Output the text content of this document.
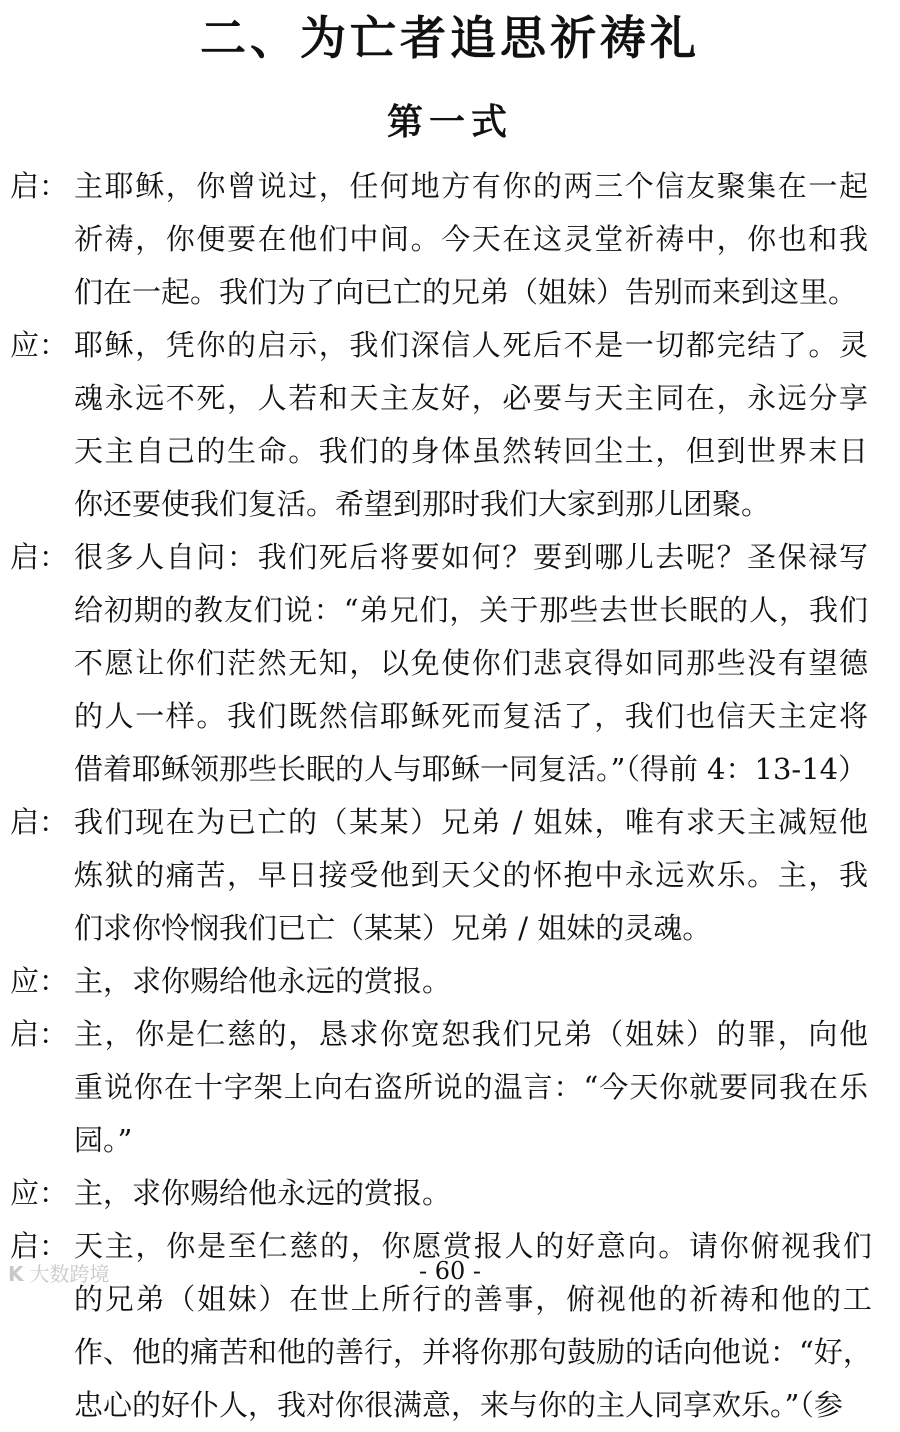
二、为亡者追思祈祷礼
第一式
启： 主耶稣，你曾说过，任何地方有你的两三个信友聚集在一起
祈祷，你便要在他们中间。今天在这灵堂祈祷中，你也和我
们在一起。我们为了向已亡的兄弟（姐妹）告别而来到这里。
应： 耶稣，凭你的启示，我们深信人死后不是一切都完结了。灵
魂永远不死，人若和天主友好，必要与天主同在，永远分享
天主自己的生命。我们的身体虽然转回尘土，但到世界末日
你还要使我们复活。希望到那时我们大家到那儿团聚。
启： 很多人自问：我们死后将要如何？要到哪儿去呢？圣保禄写
给初期的教友们说：“弟兄们，关于那些去世长眠的人，我们
不愿让你们茫然无知，以免使你们悲哀得如同那些没有望德
的人一样。我们既然信耶稣死而复活了，我们也信天主定将
借着耶稣领那些长眠的人与耶稣一同复活。”（得前 4：13-14）
启： 我们现在为已亡的（某某）兄弟 / 姐妹，唯有求天主减短他
炼狱的痛苦，早日接受他到天父的怀抱中永远欢乐。主，我
们求你怜悯我们已亡（某某）兄弟 / 姐妹的灵魂。
应： 主，求你赐给他永远的赏报。
启： 主，你是仁慈的，恳求你宽恕我们兄弟（姐妹）的罪，向他
重说你在十字架上向右盗所说的温言：“今天你就要同我在乐
园。”
应： 主，求你赐给他永远的赏报。
启： 天主，你是至仁慈的，你愿赏报人的好意向。请你俯视我们
的兄弟（姐妹）在世上所行的善事，俯视他的祈祷和他的工
作、他的痛苦和他的善行，并将你那句鼓励的话向他说：“好，
忠心的好仆人，我对你很满意，来与你的主人同享欢乐。”（参
K 大数跨境	- 60 -
